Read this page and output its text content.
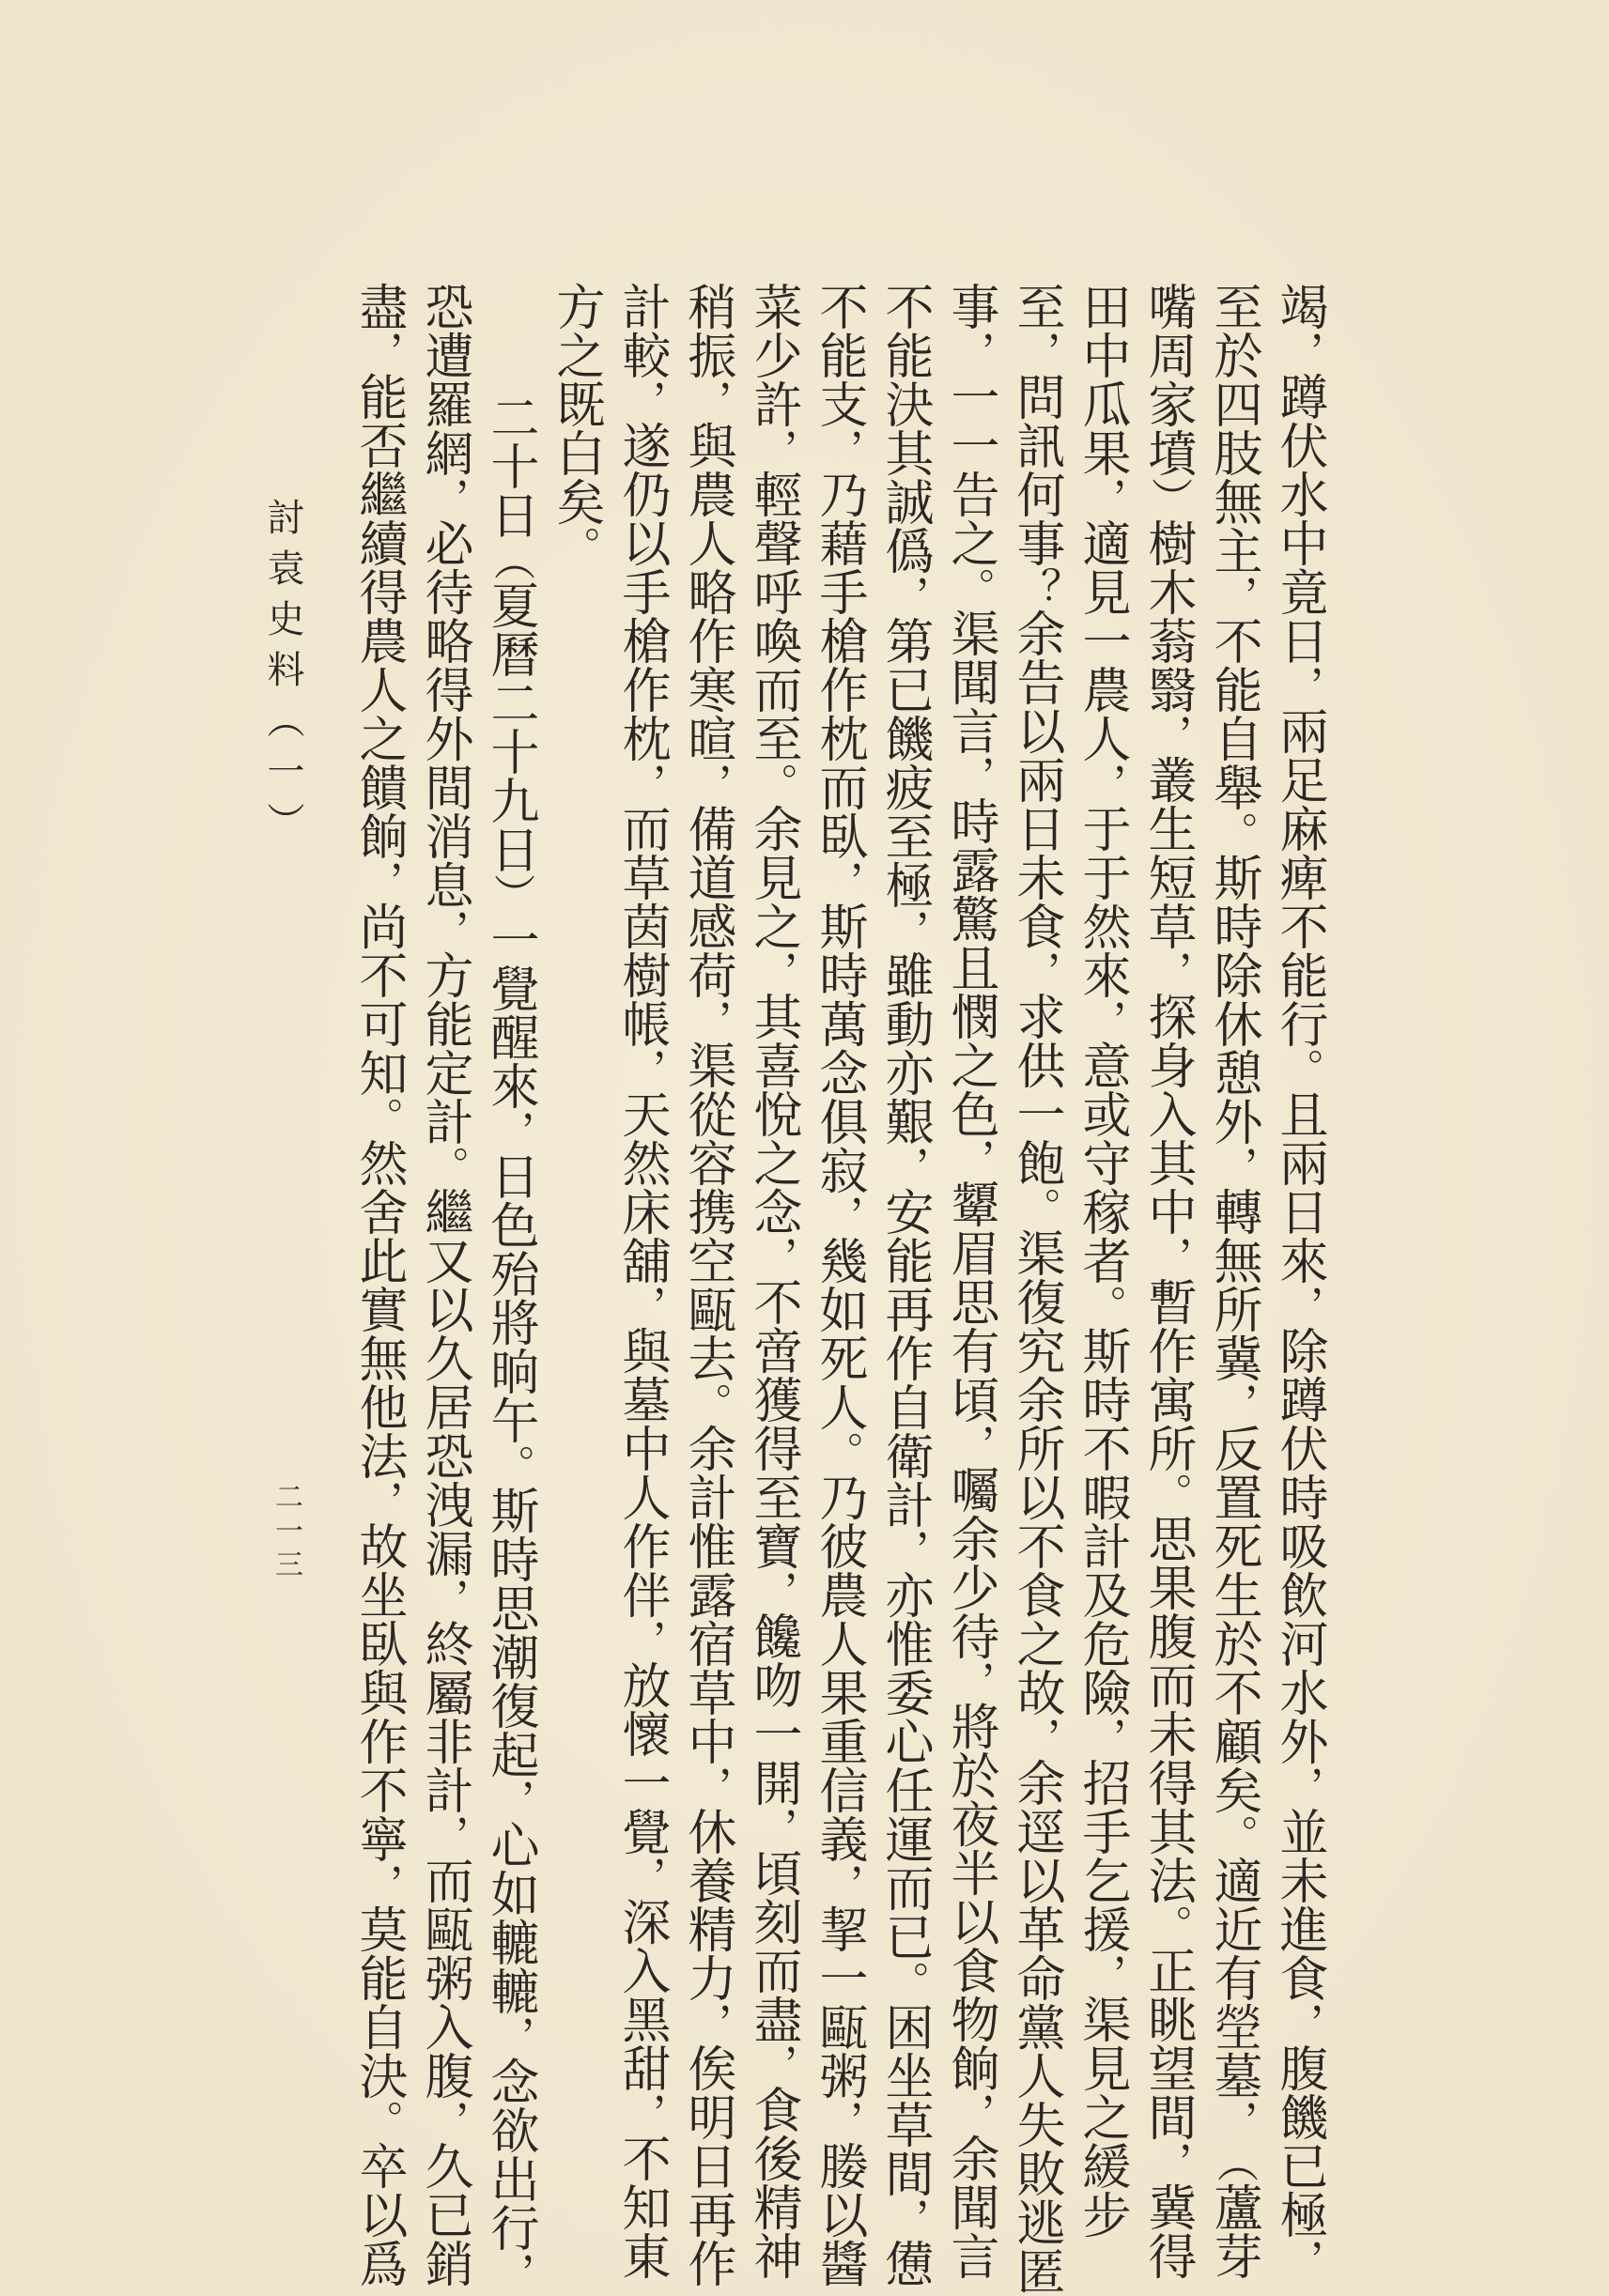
竭
，
蹲
伏
水
中
竟
日
，
兩
足
麻
痺
不
能
行
。
且
兩
日
來
，
除
蹲
伏
時
吸
飲
河
水
外
，
並
未
進
食
，
腹
饑
已
極
，
至
於
四
肢
無
主
，
不
能
自
舉
。
斯
時
除
休
憩
外
，
轉
無
所
冀
，
反
置
死
生
於
不
顧
矣
。
適
近
有
塋
墓
，
（
蘆
芽
嘴
周
家
墳
）
樹
木
蓊
翳
，
叢
生
短
草
，
探
身
入
其
中
，
暫
作
寓
所
。
思
果
腹
而
未
得
其
法
。
正
眺
望
間
，
冀
得
田
中
瓜
果
，
適
見
一
農
人
，
于
于
然
來
，
意
或
守
稼
者
。
斯
時
不
暇
計
及
危
險
，
招
手
乞
援
，
渠
見
之
緩
步
至
，
問
訊
何
事
？
余
告
以
兩
日
未
食
，
求
供
一
飽
。
渠
復
究
余
所
以
不
食
之
故
，
余
逕
以
革
命
黨
人
失
敗
逃
匿
事
，
一
一
告
之
。
渠
聞
言
，
時
露
驚
且
憫
之
色
，
顰
眉
思
有
頃
，
囑
余
少
待
，
將
於
夜
半
以
食
物
餉
，
余
聞
言
不
能
決
其
誠
僞
，
第
已
饑
疲
至
極
，
雖
動
亦
艱
，
安
能
再
作
自
衛
計
，
亦
惟
委
心
任
運
而
已
。
困
坐
草
間
，
憊
不
能
支
，
乃
藉
手
槍
作
枕
而
臥
，
斯
時
萬
念
俱
寂
，
幾
如
死
人
。
乃
彼
農
人
果
重
信
義
，
挈
一
甌
粥
，
媵
以
醬
菜
少
許
，
輕
聲
呼
喚
而
至
。
余
見
之
，
其
喜
悅
之
念
，
不
啻
獲
得
至
寶
，
饞
吻
一
開
，
頃
刻
而
盡
，
食
後
精
神
稍
振
，
與
農
人
略
作
寒
暄
，
備
道
感
荷
，
渠
從
容
携
空
甌
去
。
余
計
惟
露
宿
草
中
，
休
養
精
力
，
俟
明
日
再
作
計
較
，
遂
仍
以
手
槍
作
枕
，
而
草
茵
樹
帳
，
天
然
床
舖
，
與
墓
中
人
作
伴
，
放
懷
一
覺
，
深
入
黑
甜
，
不
知
東
方
之
既
白
矣
。
二
十
日
（
夏
曆
二
十
九
日
）
一
覺
醒
來
，
日
色
殆
將
晌
午
。
斯
時
思
潮
復
起
，
心
如
轆
轆
，
念
欲
出
行
，
恐
遭
羅
網
，
必
待
略
得
外
間
消
息
，
方
能
定
計
。
繼
又
以
久
居
恐
洩
漏
，
終
屬
非
計
，
而
甌
粥
入
腹
，
久
已
銷
盡
，
能
否
繼
續
得
農
人
之
饋
餉
，
尚
不
可
知
。
然
舍
此
實
無
他
法
，
故
坐
臥
與
作
不
寧
，
莫
能
自
決
。
卒
以
爲
討袁史料（一）
二一三
